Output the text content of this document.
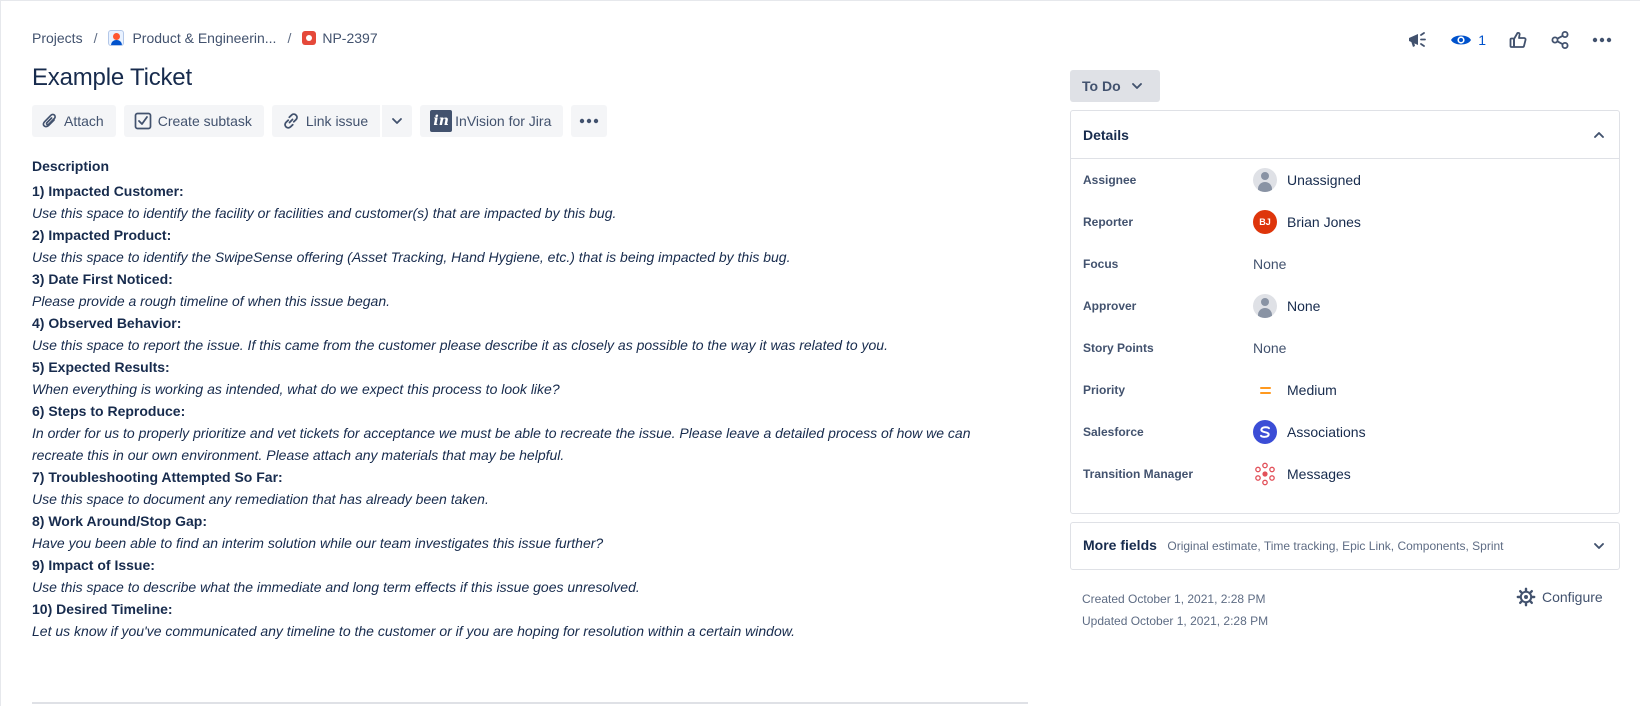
Projects /	Product & Engineerin... / NP-2397	1
Example Ticket
Attach	Create subtask	Link issue	in InVision for Jira
Description
1) Impacted Customer:
Use this space to identify the facility or facilities and customer(s) that are impacted by this bug.
2) Impacted Product:
Use this space to identify the SwipeSense offering (Asset Tracking, Hand Hygiene, etc.) that is being impacted by this bug.
3) Date First Noticed:
Please provide a rough timeline of when this issue began.
4) Observed Behavior:
Use this space to report the issue. If this came from the customer please describe it as closely as possible to the way it was related to you.
5) Expected Results:
When everything is working as intended, what do we expect this process to look like?
6) Steps to Reproduce:
In order for us to properly prioritize and vet tickets for acceptance we must be able to recreate the issue. Please leave a detailed process of how we can recreate this in our own environment. Please attach any materials that may be helpful.
7) Troubleshooting Attempted So Far:
Use this space to document any remediation that has already been taken.
8) Work Around/Stop Gap:
Have you been able to find an interim solution while our team investigates this issue further?
9) Impact of Issue:
Use this space to describe what the immediate and long term effects if this issue goes unresolved.
10) Desired Timeline:
Let us know if you've communicated any timeline to the customer or if you are hoping for resolution within a certain window.
To Do
Details
Assignee	Unassigned
Reporter	BJ	Brian Jones
Focus	None
Approver	None
Story Points	None
Priority	Medium
Salesforce	Associations
Transition Manager	Messages
More fields Original estimate, Time tracking, Epic Link, Components, Sprint
Created October 1, 2021, 2:28 PM
Updated October 1, 2021, 2:28 PM
Configure
